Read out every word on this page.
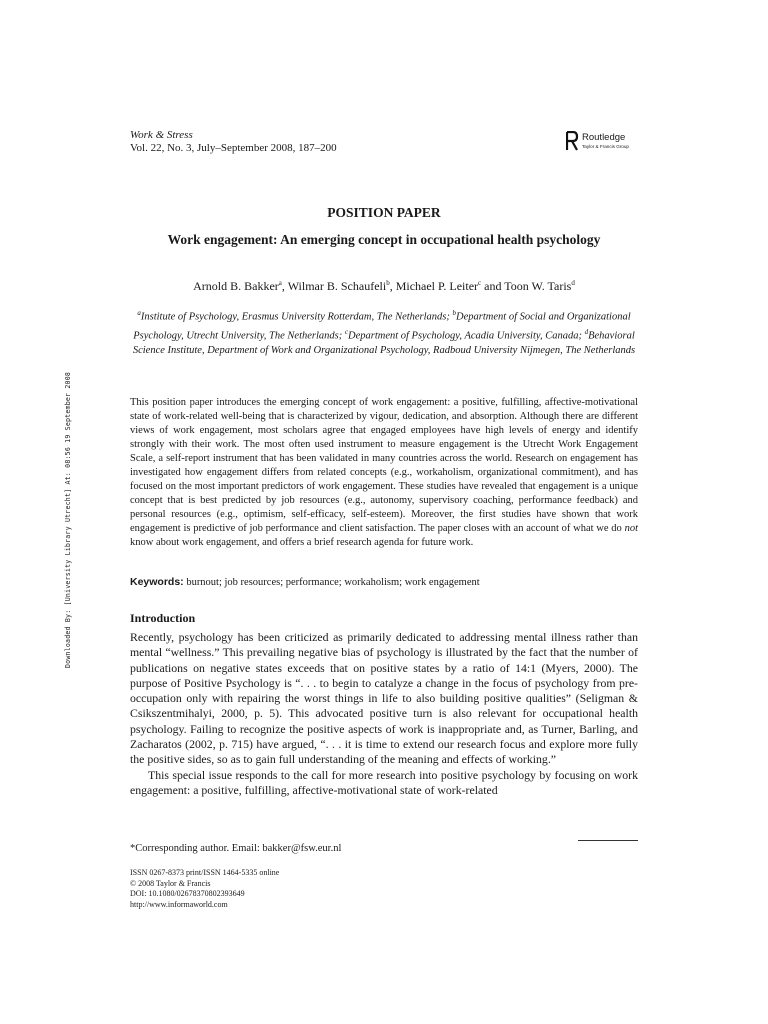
Work & Stress
Vol. 22, No. 3, July–September 2008, 187–200
Routledge
Taylor & Francis Group
POSITION PAPER
Work engagement: An emerging concept in occupational health psychology
Arnold B. Bakker$^a$, Wilmar B. Schaufeli$^b$, Michael P. Leiter$^c$ and Toon W. Taris$^d$
$^a$Institute of Psychology, Erasmus University Rotterdam, The Netherlands; $^b$Department of Social and Organizational Psychology, Utrecht University, The Netherlands; $^c$Department of Psychology, Acadia University, Canada; $^d$Behavioral Science Institute, Department of Work and Organizational Psychology, Radboud University Nijmegen, The Netherlands
Downloaded By: [University Library Utrecht] At: 08:56 19 September 2008	This position paper introduces the emerging concept of work engagement: a positive, fulfilling, affective-motivational state of work-related well-being that is characterized by vigour, dedication, and absorption. Although there are different views of work engagement, most scholars agree that engaged employees have high levels of energy and identify strongly with their work. The most often used instrument to measure engagement is the Utrecht Work Engagement Scale, a self-report instrument that has been validated in many countries across the world. Research on engagement has investigated how engagement differs from related concepts (e.g., workaholism, organizational commitment), and has focused on the most important predictors of work engagement. These studies have revealed that engagement is a unique concept that is best predicted by job resources (e.g., autonomy, supervisory coaching, performance feedback) and personal resources (e.g., optimism, self-efficacy, self-esteem). Moreover, the first studies have shown that work engagement is predictive of job performance and client satisfaction. The paper closes with an account of what we do not know about work engagement, and offers a brief research agenda for future work.
Keywords: burnout; job resources; performance; workaholism; work engagement
Introduction

Recently, psychology has been criticized as primarily dedicated to addressing mental illness rather than mental “wellness.” This prevailing negative bias of psychology is illustrated by the fact that the number of publications on negative states exceeds that on positive states by a ratio of 14:1 (Myers, 2000). The purpose of Positive Psychology is “. . . to begin to catalyze a change in the focus of psychology from pre-occupation only with repairing the worst things in life to also building positive qualities” (Seligman & Csikszentmihalyi, 2000, p. 5). This advocated positive turn is also relevant for occupational health psychology. Failing to recognize the positive aspects of work is inappropriate and, as Turner, Barling, and Zacharatos (2002, p. 715) have argued, “. . . it is time to extend our research focus and explore more fully the positive sides, so as to gain full understanding of the meaning and effects of working.”

This special issue responds to the call for more research into positive psychology by focusing on work engagement: a positive, fulfilling, affective-motivational state of work-related

*Corresponding author. Email: bakker@fsw.eur.nl
ISSN 0267-8373 print/ISSN 1464-5335 online
© 2008 Taylor & Francis
DOI: 10.1080/02678370802393649
http://www.informaworld.com
